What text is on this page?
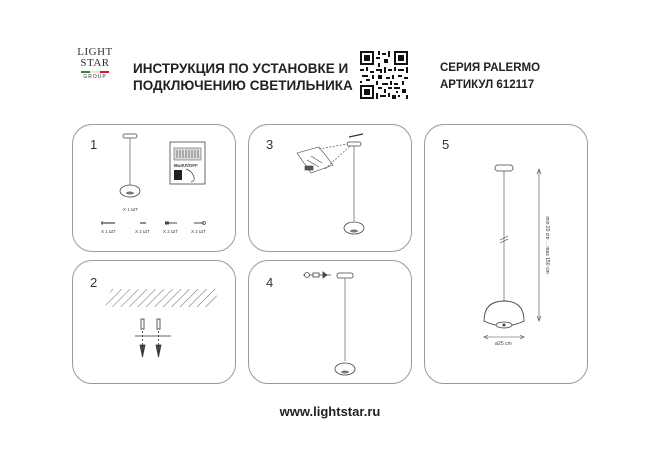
LIGHT
STAR
GROUP
ИНСТРУКЦИЯ ПО УСТАНОВКЕ И
ПОДКЛЮЧЕНИЮ СВЕТИЛЬНИКА
СЕРИЯ PALERMO
АРТИКУЛ 612117
1
ВЫКЛ/OFF
X 1 ШТ
X 1 ШТ	X 2 ШТ	X 2 ШТ	X 2 ШТ
2
3
4
5
min 20 cm ... max 150 cm
ø25 cm
www.lightstar.ru
